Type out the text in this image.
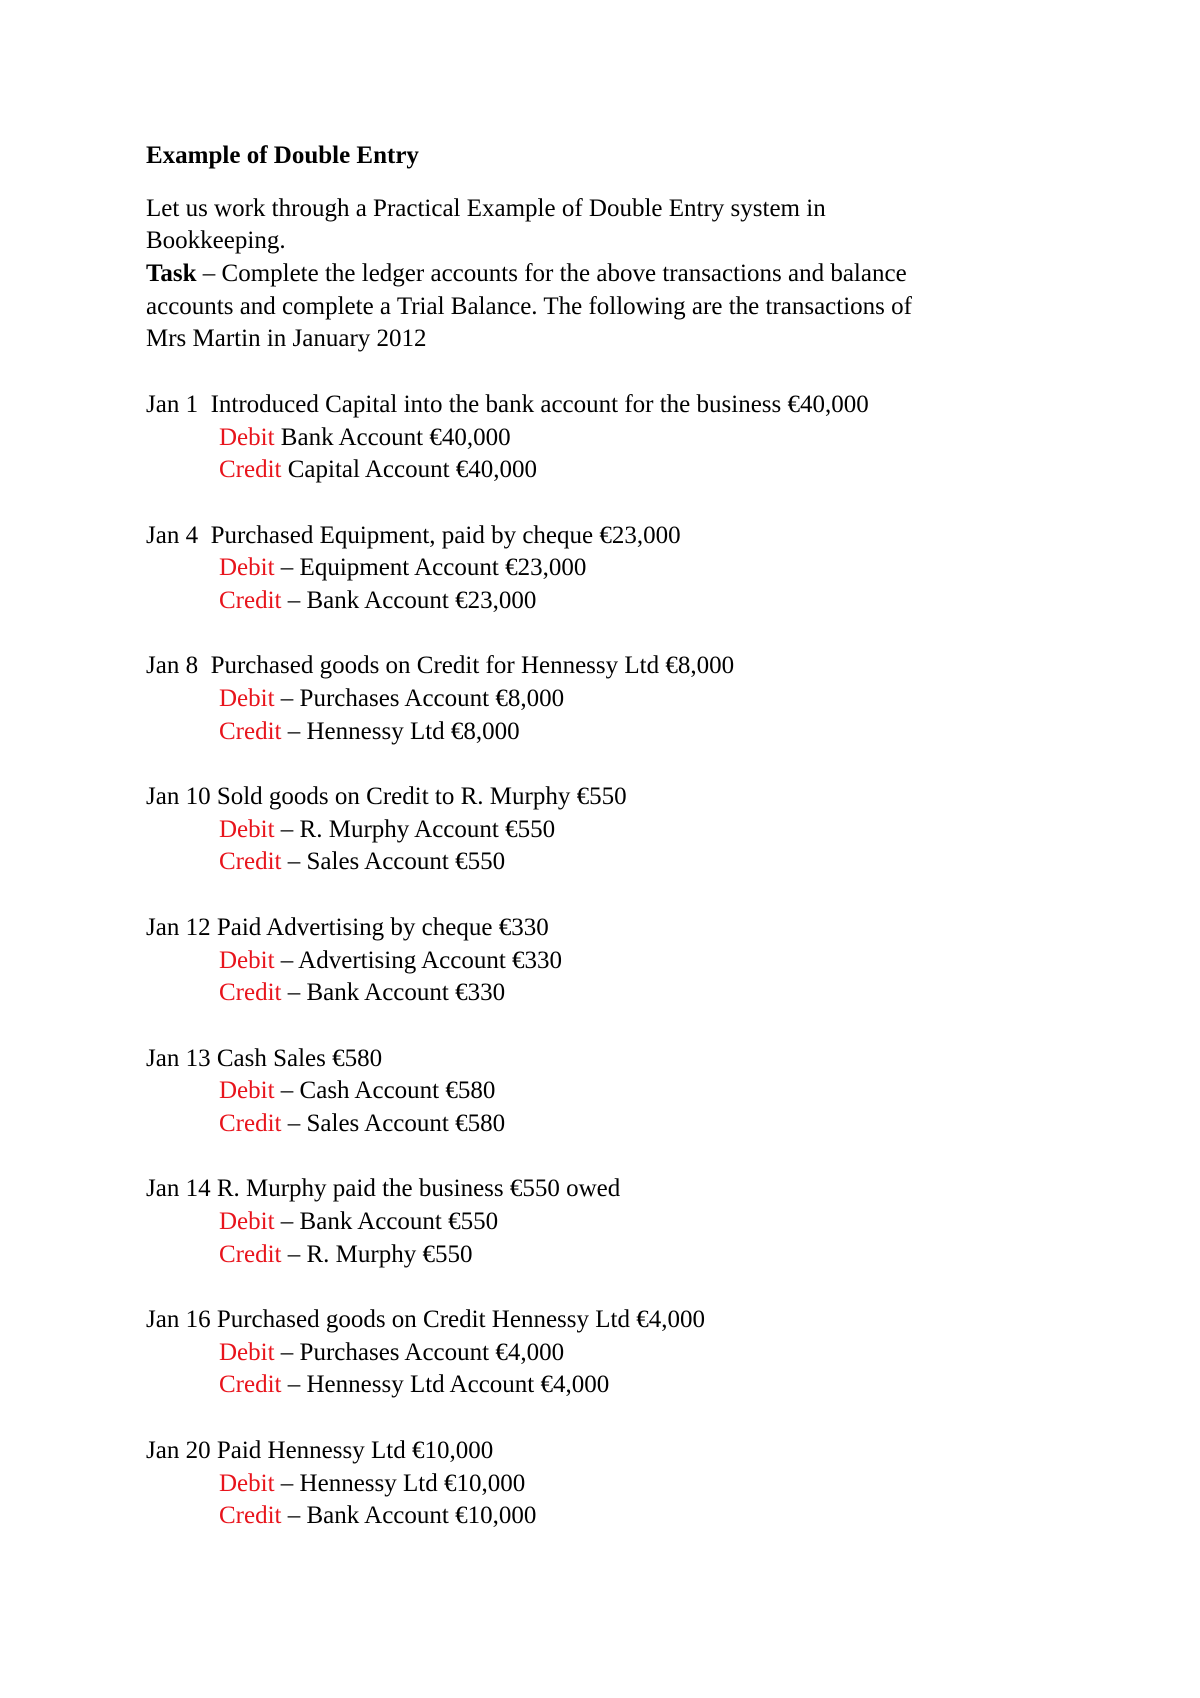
Example of Double Entry
Let us work through a Practical Example of Double Entry system in
Bookkeeping.
Task – Complete the ledger accounts for the above transactions and balance
accounts and complete a Trial Balance. The following are the transactions of
Mrs Martin in January 2012
Jan 1  Introduced Capital into the bank account for the business €40,000
Debit Bank Account €40,000
Credit Capital Account €40,000
Jan 4  Purchased Equipment, paid by cheque €23,000
Debit – Equipment Account €23,000
Credit – Bank Account €23,000
Jan 8  Purchased goods on Credit for Hennessy Ltd €8,000
Debit – Purchases Account €8,000
Credit – Hennessy Ltd €8,000
Jan 10 Sold goods on Credit to R. Murphy €550
Debit – R. Murphy Account €550
Credit – Sales Account €550
Jan 12 Paid Advertising by cheque €330
Debit – Advertising Account €330
Credit – Bank Account €330
Jan 13 Cash Sales €580
Debit – Cash Account €580
Credit – Sales Account €580
Jan 14 R. Murphy paid the business €550 owed
Debit – Bank Account €550
Credit – R. Murphy €550
Jan 16 Purchased goods on Credit Hennessy Ltd €4,000
Debit – Purchases Account €4,000
Credit – Hennessy Ltd Account €4,000
Jan 20 Paid Hennessy Ltd €10,000
Debit – Hennessy Ltd €10,000
Credit – Bank Account €10,000
